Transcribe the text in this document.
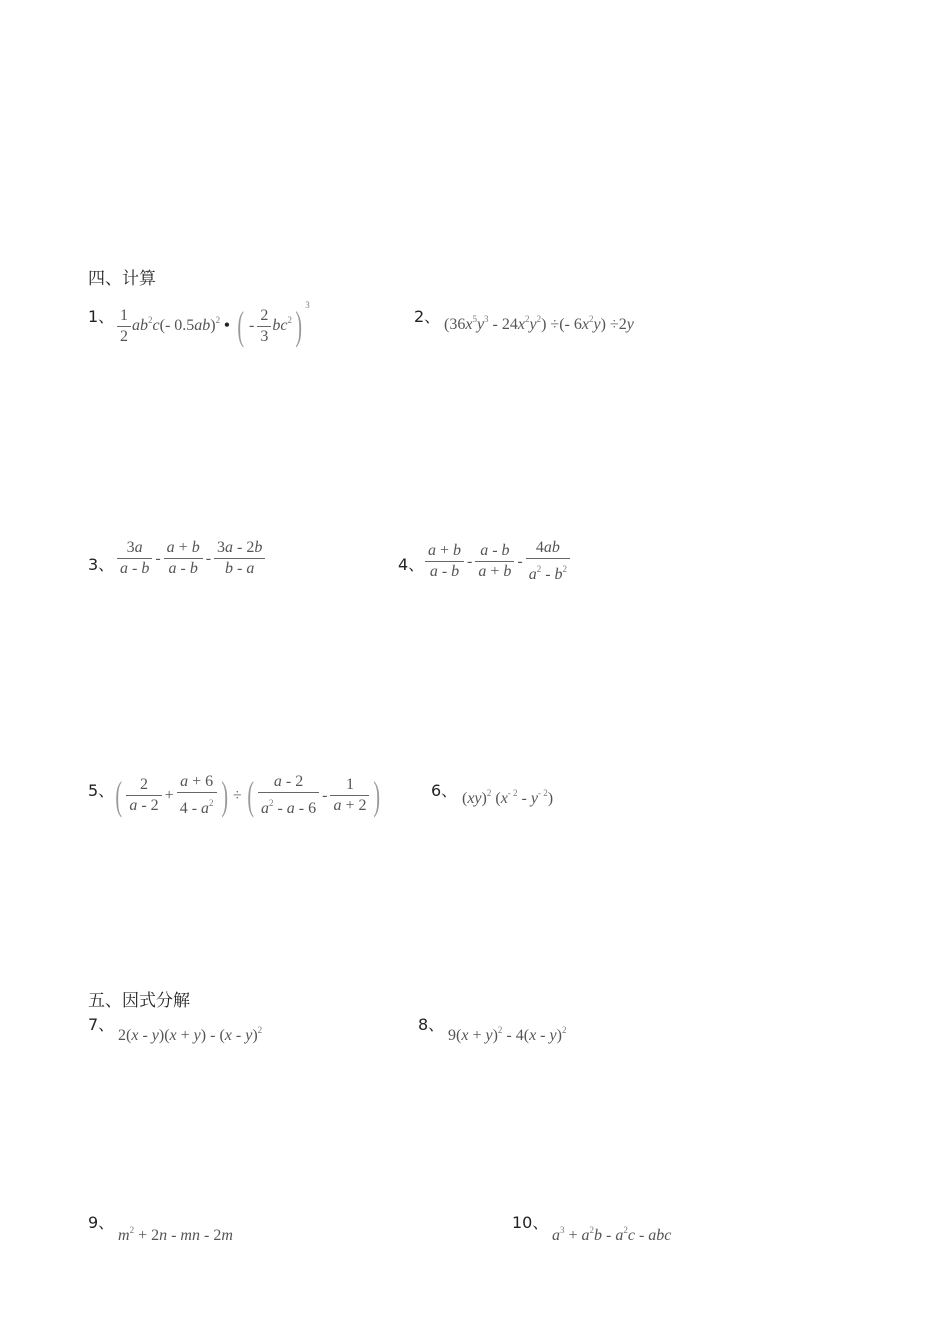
四、计算
1、 $\frac{1}{2} ab^2c(-$ 0.5ab)$^2$ • ( - $\frac{2}{3} bc^2$) $^3$
2、 $(36x^5y^3 - 24x^2y^2)$ ÷(- $6x^2y) \div 2y$
3、 $\frac{3a}{a - b} - \frac{a + b}{a - b} - \frac{3a - 2b}{b - a}$	4、 $\frac{a + b}{a - b} - \frac{a - b}{a + b} - \frac{4ab}{a^2 - b^2}$
5、 ( $\frac{2}{a - 2} + \frac{a + 6}{4 - a^2}$ ) ÷ ( $\frac{a - 2}{a^2 - a - 6} - \frac{1}{a + 2}$ )	6、 (xy)$^2$ $(x^{- 2} - y^{- 2})$
五、因式分解
7、
2(x - y)(x + y) - (x - y)$^2$	8、
$9(x + y)^2 - 4(x - y)^2$
9、
$m^2 + 2n$ - mn - 2m
10、
$a^3 + a^2b - a^2c$ - abc
